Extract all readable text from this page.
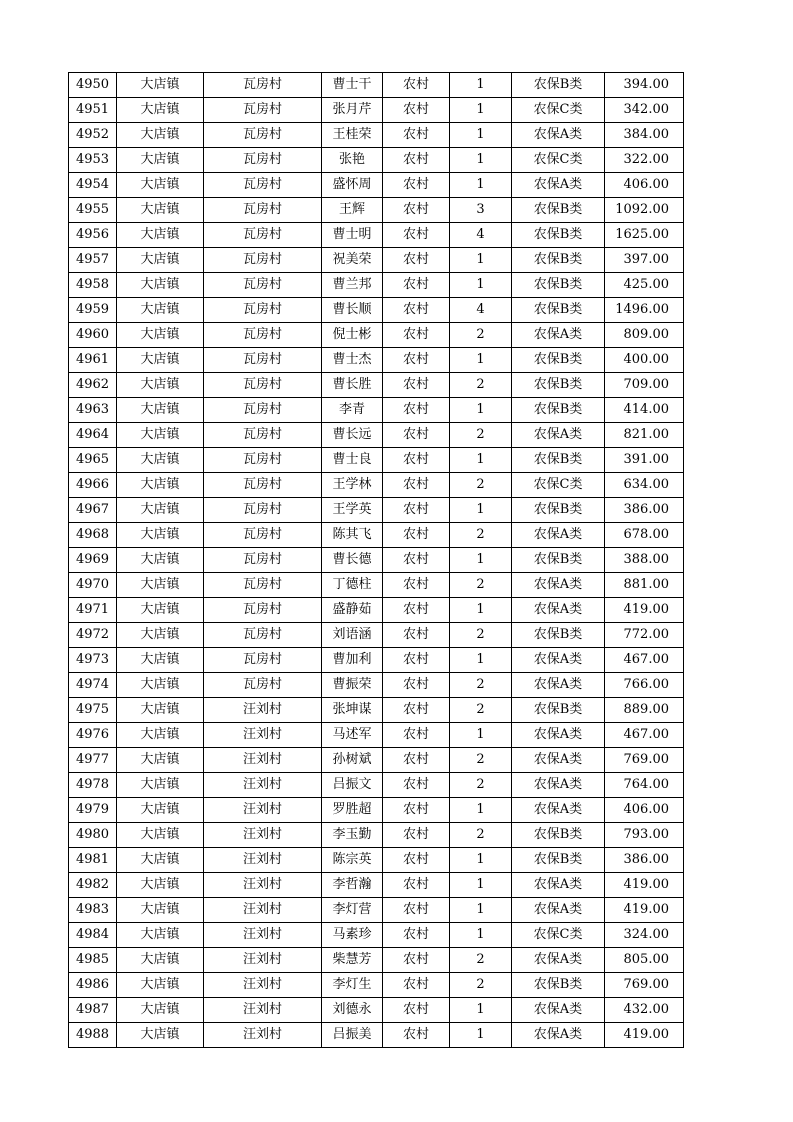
4950	大店镇	瓦房村	曹士干	农村	1	农保B类	394.00
4951	大店镇	瓦房村	张月芹	农村	1	农保C类	342.00
4952	大店镇	瓦房村	王桂荣	农村	1	农保A类	384.00
4953	大店镇	瓦房村	张艳	农村	1	农保C类	322.00
4954	大店镇	瓦房村	盛怀周	农村	1	农保A类	406.00
4955	大店镇	瓦房村	王辉	农村	3	农保B类	1092.00
4956	大店镇	瓦房村	曹士明	农村	4	农保B类	1625.00
4957	大店镇	瓦房村	祝美荣	农村	1	农保B类	397.00
4958	大店镇	瓦房村	曹兰邦	农村	1	农保B类	425.00
4959	大店镇	瓦房村	曹长顺	农村	4	农保B类	1496.00
4960	大店镇	瓦房村	倪士彬	农村	2	农保A类	809.00
4961	大店镇	瓦房村	曹士杰	农村	1	农保B类	400.00
4962	大店镇	瓦房村	曹长胜	农村	2	农保B类	709.00
4963	大店镇	瓦房村	李青	农村	1	农保B类	414.00
4964	大店镇	瓦房村	曹长远	农村	2	农保A类	821.00
4965	大店镇	瓦房村	曹士良	农村	1	农保B类	391.00
4966	大店镇	瓦房村	王学林	农村	2	农保C类	634.00
4967	大店镇	瓦房村	王学英	农村	1	农保B类	386.00
4968	大店镇	瓦房村	陈其飞	农村	2	农保A类	678.00
4969	大店镇	瓦房村	曹长德	农村	1	农保B类	388.00
4970	大店镇	瓦房村	丁德柱	农村	2	农保A类	881.00
4971	大店镇	瓦房村	盛静茹	农村	1	农保A类	419.00
4972	大店镇	瓦房村	刘语涵	农村	2	农保B类	772.00
4973	大店镇	瓦房村	曹加利	农村	1	农保A类	467.00
4974	大店镇	瓦房村	曹振荣	农村	2	农保A类	766.00
4975	大店镇	汪刘村	张坤谋	农村	2	农保B类	889.00
4976	大店镇	汪刘村	马述军	农村	1	农保A类	467.00
4977	大店镇	汪刘村	孙树斌	农村	2	农保A类	769.00
4978	大店镇	汪刘村	吕振文	农村	2	农保A类	764.00
4979	大店镇	汪刘村	罗胜超	农村	1	农保A类	406.00
4980	大店镇	汪刘村	李玉勤	农村	2	农保B类	793.00
4981	大店镇	汪刘村	陈宗英	农村	1	农保B类	386.00
4982	大店镇	汪刘村	李哲瀚	农村	1	农保A类	419.00
4983	大店镇	汪刘村	李灯营	农村	1	农保A类	419.00
4984	大店镇	汪刘村	马素珍	农村	1	农保C类	324.00
4985	大店镇	汪刘村	柴慧芳	农村	2	农保A类	805.00
4986	大店镇	汪刘村	李灯生	农村	2	农保B类	769.00
4987	大店镇	汪刘村	刘德永	农村	1	农保A类	432.00
4988	大店镇	汪刘村	吕振美	农村	1	农保A类	419.00
